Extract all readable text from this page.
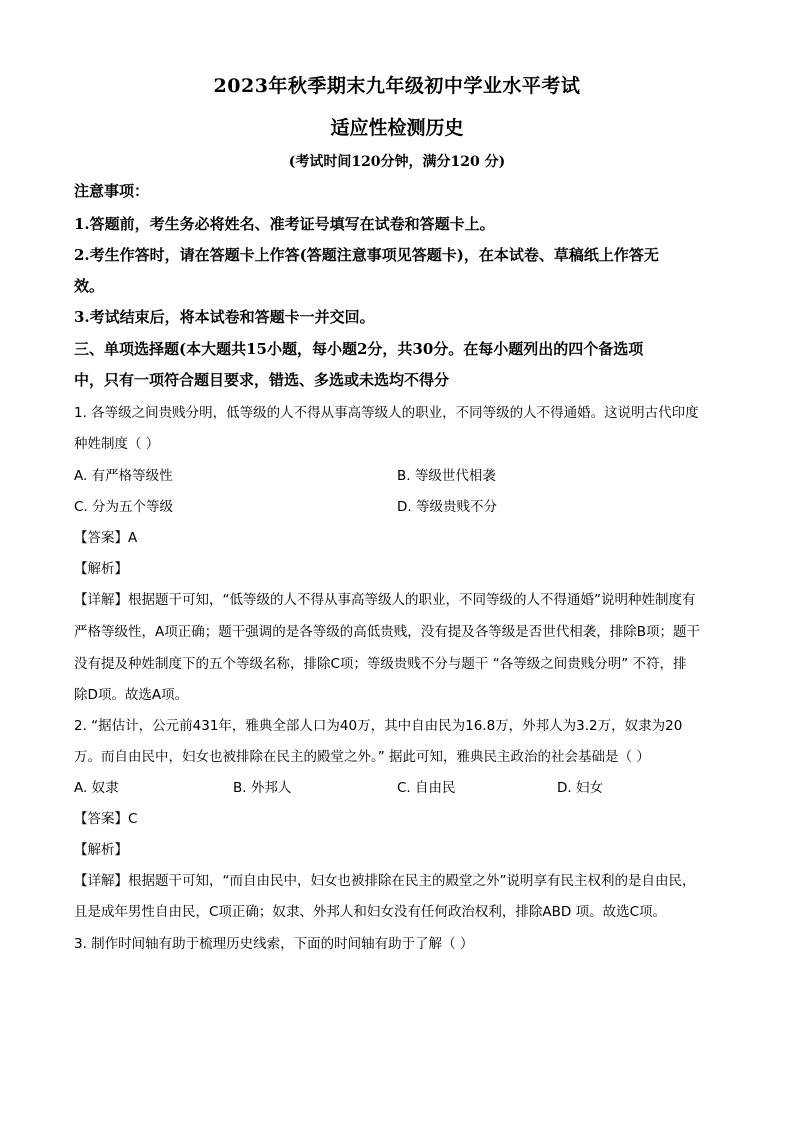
2023年秋季期末九年级初中学业水平考试
适应性检测历史
(考试时间120分钟，满分120 分)
注意事项：
1.答题前，考生务必将姓名、准考证号填写在试卷和答题卡上。
2.考生作答时，请在答题卡上作答(答题注意事项见答题卡)，在本试卷、草稿纸上作答无
效。
3.考试结束后，将本试卷和答题卡一并交回。
三、单项选择题(本大题共15小题，每小题2分，共30分。在每小题列出的四个备选项
中，只有一项符合题目要求，错选、多选或未选均不得分
1. 各等级之间贵贱分明，低等级的人不得从事高等级人的职业，不同等级的人不得通婚。这说明古代印度
种姓制度（ ）
A. 有严格等级性	B. 等级世代相袭
C. 分为五个等级	D. 等级贵贱不分
【答案】A
【解析】
【详解】根据题干可知，“低等级的人不得从事高等级人的职业，不同等级的人不得通婚”说明种姓制度有
严格等级性，A项正确；题干强调的是各等级的高低贵贱，没有提及各等级是否世代相袭，排除B项；题干
没有提及种姓制度下的五个等级名称，排除C项；等级贵贱不分与题干 “各等级之间贵贱分明” 不符，排
除D项。故选A项。
2. “据估计，公元前431年，雅典全部人口为40万，其中自由民为16.8万，外邦人为3.2万，奴隶为20
万。而自由民中，妇女也被排除在民主的殿堂之外。” 据此可知，雅典民主政治的社会基础是（ ）
A. 奴隶	B. 外邦人	C. 自由民	D. 妇女
【答案】C
【解析】
【详解】根据题干可知，“而自由民中，妇女也被排除在民主的殿堂之外”说明享有民主权利的是自由民，
且是成年男性自由民，C项正确；奴隶、外邦人和妇女没有任何政治权利，排除ABD 项。故选C项。
3. 制作时间轴有助于梳理历史线索，下面的时间轴有助于了解（ ）
